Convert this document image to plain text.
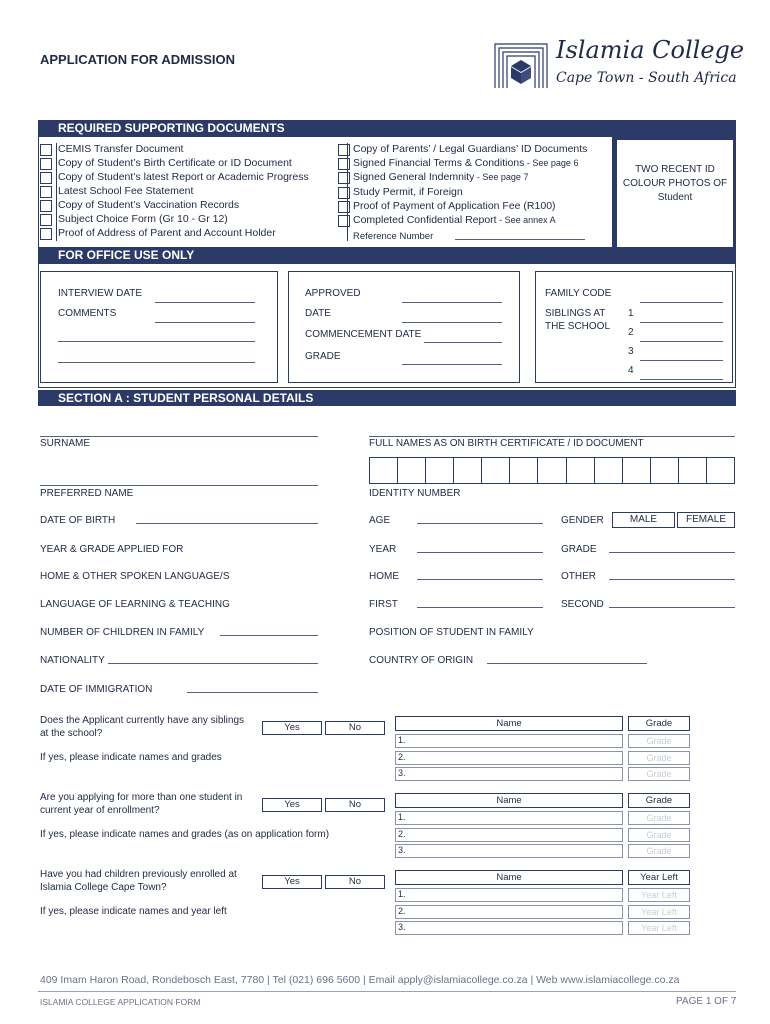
APPLICATION FOR ADMISSION	Islamia College
Cape Town - South Africa
REQUIRED SUPPORTING DOCUMENTS
TWO RECENT ID COLOUR PHOTOS OF Student
CEMIS Transfer Document
Copy of Student’s Birth Certificate or ID Document
Copy of Student’s latest Report or Academic Progress
Latest School Fee Statement
Copy of Student’s Vaccination Records
Subject Choice Form (Gr 10 - Gr 12)
Proof of Address of Parent and Account Holder
Copy of Parents’ / Legal Guardians’ ID Documents
Signed Financial Terms & Conditions - See page 6
Signed General Indemnity - See page 7
Study Permit, if Foreign
Proof of Payment of Application Fee (R100)
Completed Confidential Report - See annex A
Reference Number
FOR OFFICE USE ONLY
INTERVIEW DATE
COMMENTS
APPROVED
DATE
COMMENCEMENT DATE
GRADE
FAMILY CODE
SIBLINGS AT THE SCHOOL
1
2
3
4
SECTION A : STUDENT PERSONAL DETAILS
SURNAME	FULL NAMES AS ON BIRTH CERTIFICATE / ID DOCUMENT
PREFERRED NAME	IDENTITY NUMBER
DATE OF BIRTH	AGE	GENDER	MALE	FEMALE
YEAR & GRADE APPLIED FOR	YEAR	GRADE
HOME & OTHER SPOKEN LANGUAGE/S	HOME	OTHER
LANGUAGE OF LEARNING & TEACHING	FIRST	SECOND
NUMBER OF CHILDREN IN FAMILY	POSITION OF STUDENT IN FAMILY
NATIONALITY	COUNTRY OF ORIGIN
DATE OF IMMIGRATION
Does the Applicant currently have any siblings at the school?
Yes	No
If yes, please indicate names and grades
Name	Grade
1.	Grade
2.	Grade
3.	Grade
Are you applying for more than one student in current year of enrollment?
Yes	No
If yes, please indicate names and grades (as on application form)
Name	Grade
1.	Grade
2.	Grade
3.	Grade
Have you had children previously enrolled at Islamia College Cape Town?
Yes	No
If yes, please indicate names and year left
Name	Year Left
1.	Year Left
2.	Year Left
3.	Year Left
409 Imam Haron Road, Rondebosch East, 7780 | Tel (021) 696 5600 | Email apply@islamiacollege.co.za | Web www.islamiacollege.co.za
ISLAMIA COLLEGE APPLICATION FORM	PAGE 1 OF 7
